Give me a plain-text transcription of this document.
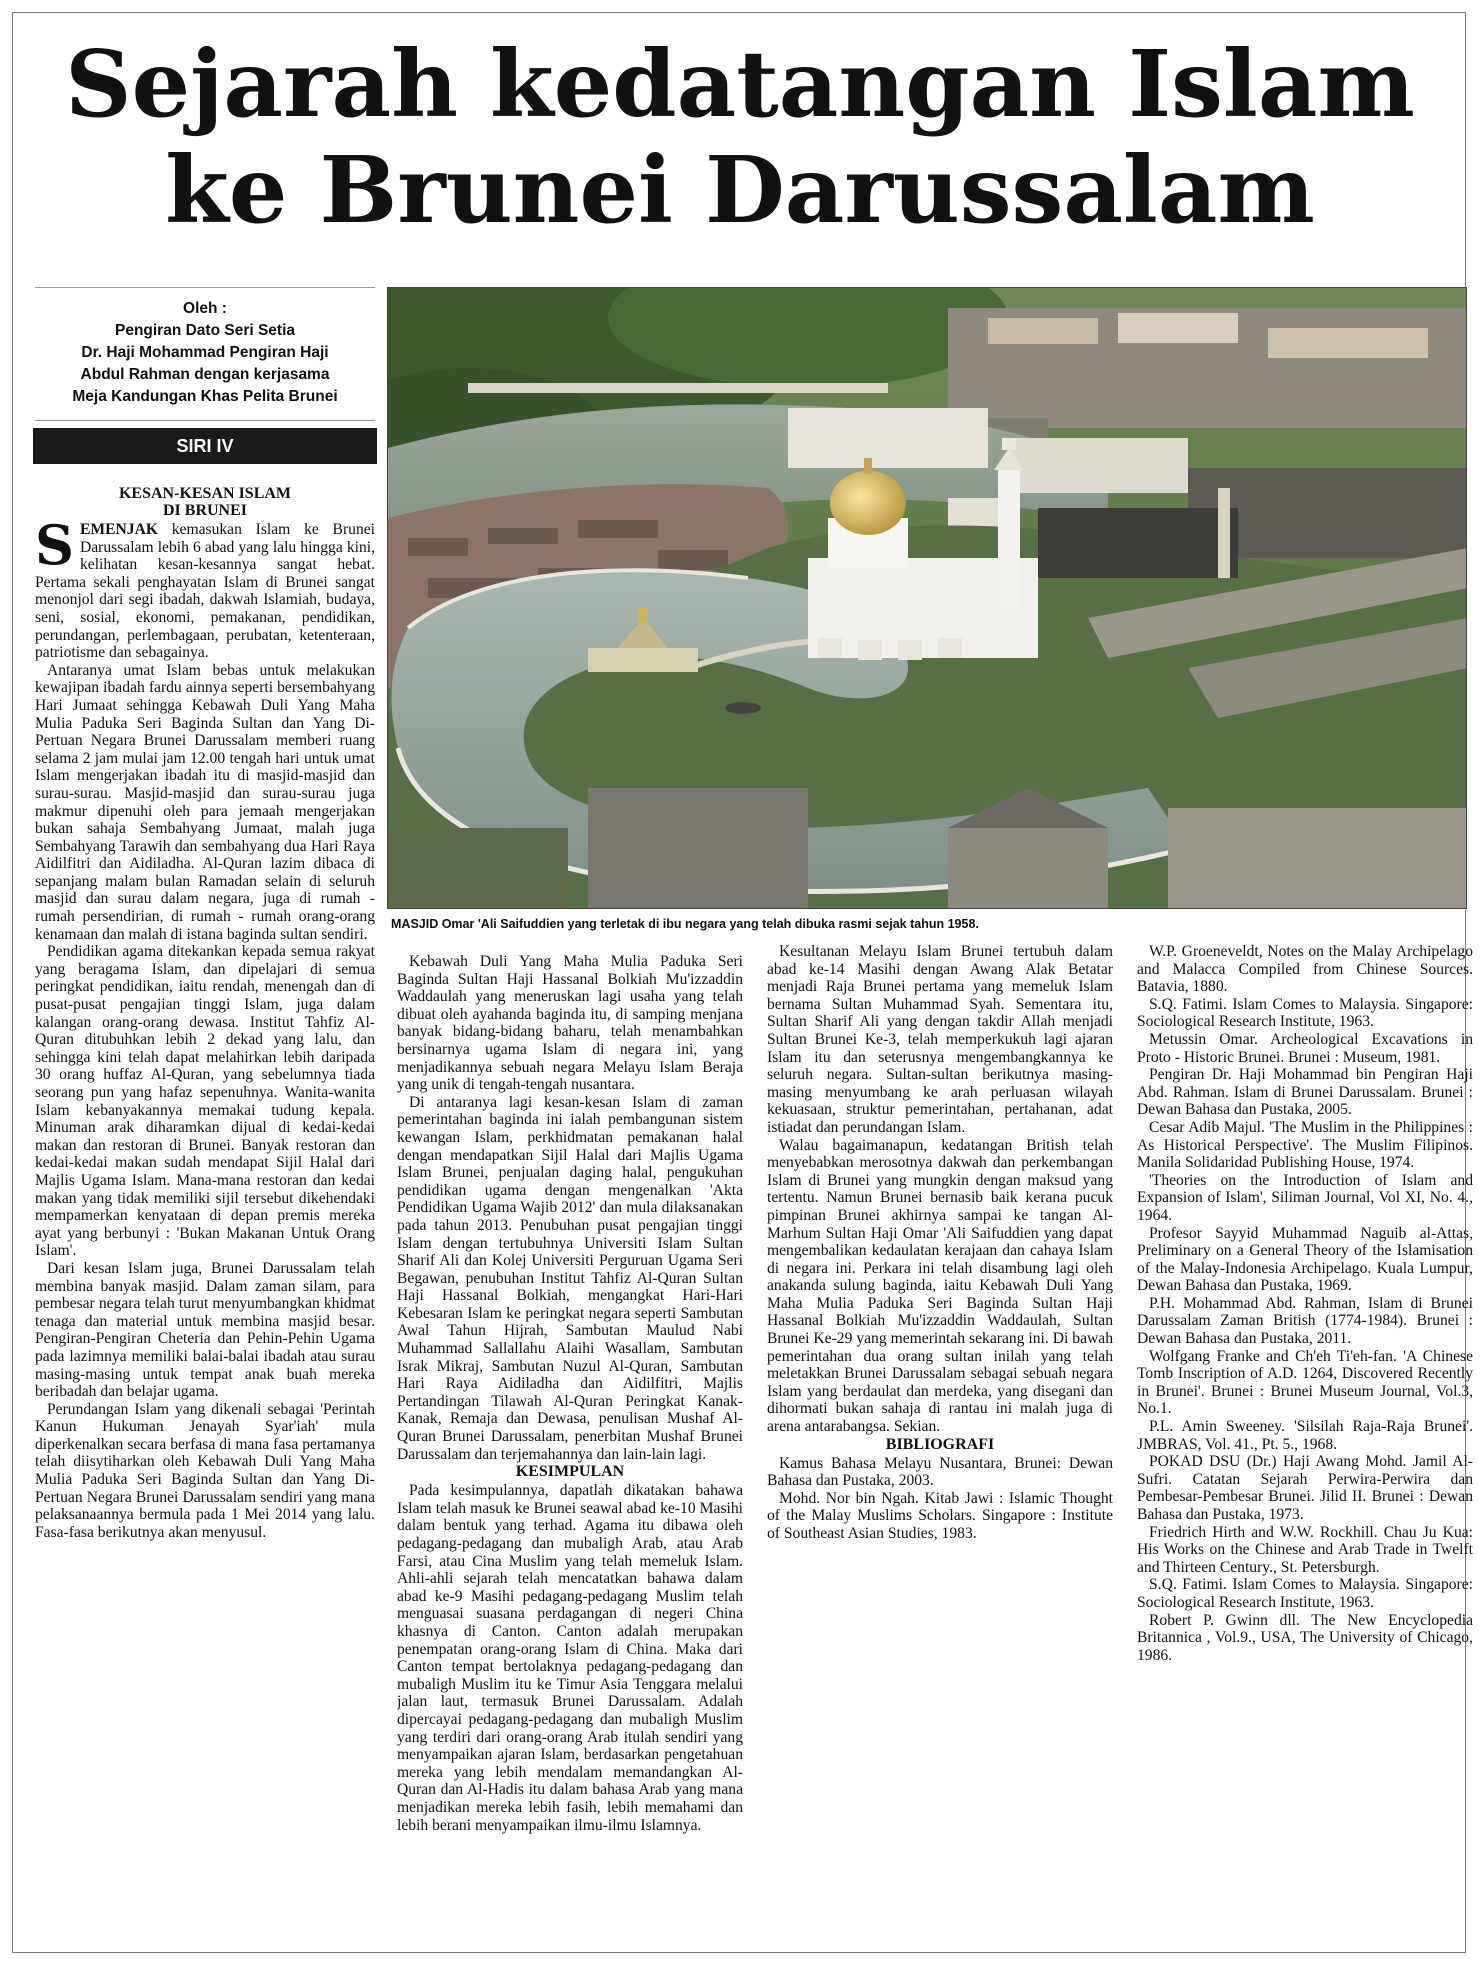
Sejarah kedatangan Islam
ke Brunei Darussalam
Oleh :
Pengiran Dato Seri Setia
Dr. Haji Mohammad Pengiran Haji
Abdul Rahman dengan kerjasama
Meja Kandungan Khas Pelita Brunei
SIRI IV
MASJID Omar 'Ali Saifuddien yang terletak di ibu negara yang telah dibuka rasmi sejak tahun 1958.
KESAN-KESAN ISLAM
DI BRUNEI

SEMENJAK kemasukan Islam ke Brunei Darussalam lebih 6 abad yang lalu hingga kini, kelihatan kesan-kesannya sangat hebat. Pertama sekali penghayatan Islam di Brunei sangat menonjol dari segi ibadah, dakwah Islamiah, budaya, seni, sosial, ekonomi, pemakanan, pendidikan, perundangan, perlembagaan, perubatan, ketenteraan, patriotisme dan sebagainya.

Antaranya umat Islam bebas untuk melakukan kewajipan ibadah fardu ainnya seperti bersembahyang Hari Jumaat sehingga Kebawah Duli Yang Maha Mulia Paduka Seri Baginda Sultan dan Yang Di-Pertuan Negara Brunei Darussalam memberi ruang selama 2 jam mulai jam 12.00 tengah hari untuk umat Islam mengerjakan ibadah itu di masjid-masjid dan surau-surau. Masjid-masjid dan surau-surau juga makmur dipenuhi oleh para jemaah mengerjakan bukan sahaja Sembahyang Jumaat, malah juga Sembahyang Tarawih dan sembahyang dua Hari Raya Aidilfitri dan Aidiladha. Al-Quran lazim dibaca di sepanjang malam bulan Ramadan selain di seluruh masjid dan surau dalam negara, juga di rumah - rumah persendirian, di rumah - rumah orang-orang kenamaan dan malah di istana baginda sultan sendiri.

Pendidikan agama ditekankan kepada semua rakyat yang beragama Islam, dan dipelajari di semua peringkat pendidikan, iaitu rendah, menengah dan di pusat-pusat pengajian tinggi Islam, juga dalam kalangan orang-orang dewasa. Institut Tahfiz Al-Quran ditubuhkan lebih 2 dekad yang lalu, dan sehingga kini telah dapat melahirkan lebih daripada 30 orang huffaz Al-Quran, yang sebelumnya tiada seorang pun yang hafaz sepenuhnya. Wanita-wanita Islam kebanyakannya memakai tudung kepala. Minuman arak diharamkan dijual di kedai-kedai makan dan restoran di Brunei. Banyak restoran dan kedai-kedai makan sudah mendapat Sijil Halal dari Majlis Ugama Islam. Mana-mana restoran dan kedai makan yang tidak memiliki sijil tersebut dikehendaki mempamerkan kenyataan di depan premis mereka ayat yang berbunyi : 'Bukan Makanan Untuk Orang Islam'.

Dari kesan Islam juga, Brunei Darussalam telah membina banyak masjid. Dalam zaman silam, para pembesar negara telah turut menyumbangkan khidmat tenaga dan material untuk membina masjid besar. Pengiran-Pengiran Cheteria dan Pehin-Pehin Ugama pada lazimnya memiliki balai-balai ibadah atau surau masing-masing untuk tempat anak buah mereka beribadah dan belajar ugama.

Perundangan Islam yang dikenali sebagai 'Perintah Kanun Hukuman Jenayah Syar'iah' mula diperkenalkan secara berfasa di mana fasa pertamanya telah diisytiharkan oleh Kebawah Duli Yang Maha Mulia Paduka Seri Baginda Sultan dan Yang Di-Pertuan Negara Brunei Darussalam sendiri yang mana pelaksanaannya bermula pada 1 Mei 2014 yang lalu. Fasa-fasa berikutnya akan menyusul.

Kebawah Duli Yang Maha Mulia Paduka Seri Baginda Sultan Haji Hassanal Bolkiah Mu'izzaddin Waddaulah yang meneruskan lagi usaha yang telah dibuat oleh ayahanda baginda itu, di samping menjana banyak bidang-bidang baharu, telah menambahkan bersinarnya ugama Islam di negara ini, yang menjadikannya sebuah negara Melayu Islam Beraja yang unik di tengah-tengah nusantara.

Di antaranya lagi kesan-kesan Islam di zaman pemerintahan baginda ini ialah pembangunan sistem kewangan Islam, perkhidmatan pemakanan halal dengan mendapatkan Sijil Halal dari Majlis Ugama Islam Brunei, penjualan daging halal, pengukuhan pendidikan ugama dengan mengenalkan 'Akta Pendidikan Ugama Wajib 2012' dan mula dilaksanakan pada tahun 2013. Penubuhan pusat pengajian tinggi Islam dengan tertubuhnya Universiti Islam Sultan Sharif Ali dan Kolej Universiti Perguruan Ugama Seri Begawan, penubuhan Institut Tahfiz Al-Quran Sultan Haji Hassanal Bolkiah, mengangkat Hari-Hari Kebesaran Islam ke peringkat negara seperti Sambutan Awal Tahun Hijrah, Sambutan Maulud Nabi Muhammad Sallallahu Alaihi Wasallam, Sambutan Israk Mikraj, Sambutan Nuzul Al-Quran, Sambutan Hari Raya Aidiladha dan Aidilfitri, Majlis Pertandingan Tilawah Al-Quran Peringkat Kanak-Kanak, Remaja dan Dewasa, penulisan Mushaf Al-Quran Brunei Darussalam, penerbitan Mushaf Brunei Darussalam dan terjemahannya dan lain-lain lagi.

KESIMPULAN

Pada kesimpulannya, dapatlah dikatakan bahawa Islam telah masuk ke Brunei seawal abad ke-10 Masihi dalam bentuk yang terhad. Agama itu dibawa oleh pedagang-pedagang dan mubaligh Arab, atau Arab Farsi, atau Cina Muslim yang telah memeluk Islam. Ahli-ahli sejarah telah mencatatkan bahawa dalam abad ke-9 Masihi pedagang-pedagang Muslim telah menguasai suasana perdagangan di negeri China khasnya di Canton. Canton adalah merupakan penempatan orang-orang Islam di China. Maka dari Canton tempat bertolaknya pedagang-pedagang dan mubaligh Muslim itu ke Timur Asia Tenggara melalui jalan laut, termasuk Brunei Darussalam. Adalah dipercayai pedagang-pedagang dan mubaligh Muslim yang terdiri dari orang-orang Arab itulah sendiri yang menyampaikan ajaran Islam, berdasarkan pengetahuan mereka yang lebih mendalam memandangkan Al-Quran dan Al-Hadis itu dalam bahasa Arab yang mana menjadikan mereka lebih fasih, lebih memahami dan lebih berani menyampaikan ilmu-ilmu Islamnya.

Kesultanan Melayu Islam Brunei tertubuh dalam abad ke-14 Masihi dengan Awang Alak Betatar menjadi Raja Brunei pertama yang memeluk Islam bernama Sultan Muhammad Syah. Sementara itu, Sultan Sharif Ali yang dengan takdir Allah menjadi Sultan Brunei Ke-3, telah memperkukuh lagi ajaran Islam itu dan seterusnya mengembangkannya ke seluruh negara. Sultan-sultan berikutnya masing-masing menyumbang ke arah perluasan wilayah kekuasaan, struktur pemerintahan, pertahanan, adat istiadat dan perundangan Islam.

Walau bagaimanapun, kedatangan British telah menyebabkan merosotnya dakwah dan perkembangan Islam di Brunei yang mungkin dengan maksud yang tertentu. Namun Brunei bernasib baik kerana pucuk pimpinan Brunei akhirnya sampai ke tangan Al-Marhum Sultan Haji Omar 'Ali Saifuddien yang dapat mengembalikan kedaulatan kerajaan dan cahaya Islam di negara ini. Perkara ini telah disambung lagi oleh anakanda sulung baginda, iaitu Kebawah Duli Yang Maha Mulia Paduka Seri Baginda Sultan Haji Hassanal Bolkiah Mu'izzaddin Waddaulah, Sultan Brunei Ke-29 yang memerintah sekarang ini. Di bawah pemerintahan dua orang sultan inilah yang telah meletakkan Brunei Darussalam sebagai sebuah negara Islam yang berdaulat dan merdeka, yang disegani dan dihormati bukan sahaja di rantau ini malah juga di arena antarabangsa. Sekian.

BIBLIOGRAFI

Kamus Bahasa Melayu Nusantara, Brunei: Dewan Bahasa dan Pustaka, 2003.

Mohd. Nor bin Ngah. Kitab Jawi : Islamic Thought of the Malay Muslims Scholars. Singapore : Institute of Southeast Asian Studies, 1983.

W.P. Groeneveldt, Notes on the Malay Archipelago and Malacca Compiled from Chinese Sources. Batavia, 1880.

S.Q. Fatimi. Islam Comes to Malaysia. Singapore: Sociological Research Institute, 1963.

Metussin Omar. Archeological Excavations in Proto - Historic Brunei. Brunei : Museum, 1981.

Pengiran Dr. Haji Mohammad bin Pengiran Haji Abd. Rahman. Islam di Brunei Darussalam. Brunei : Dewan Bahasa dan Pustaka, 2005.

Cesar Adib Majul. 'The Muslim in the Philippines : As Historical Perspective'. The Muslim Filipinos. Manila Solidaridad Publishing House, 1974.

'Theories on the Introduction of Islam and Expansion of Islam', Siliman Journal, Vol XI, No. 4., 1964.

Profesor Sayyid Muhammad Naguib al-Attas, Preliminary on a General Theory of the Islamisation of the Malay-Indonesia Archipelago. Kuala Lumpur, Dewan Bahasa dan Pustaka, 1969.

P.H. Mohammad Abd. Rahman, Islam di Brunei Darussalam Zaman British (1774-1984). Brunei : Dewan Bahasa dan Pustaka, 2011.

Wolfgang Franke and Ch'eh Ti'eh-fan. 'A Chinese Tomb Inscription of A.D. 1264, Discovered Recently in Brunei'. Brunei : Brunei Museum Journal, Vol.3, No.1.

P.L. Amin Sweeney. 'Silsilah Raja-Raja Brunei'. JMBRAS, Vol. 41., Pt. 5., 1968.

POKAD DSU (Dr.) Haji Awang Mohd. Jamil Al-Sufri. Catatan Sejarah Perwira-Perwira dan Pembesar-Pembesar Brunei. Jilid II. Brunei : Dewan Bahasa dan Pustaka, 1973.

Friedrich Hirth and W.W. Rockhill. Chau Ju Kua: His Works on the Chinese and Arab Trade in Twelft and Thirteen Century., St. Petersburgh.

S.Q. Fatimi. Islam Comes to Malaysia. Singapore: Sociological Research Institute, 1963.

Robert P. Gwinn dll. The New Encyclopedia Britannica , Vol.9., USA, The University of Chicago, 1986.
